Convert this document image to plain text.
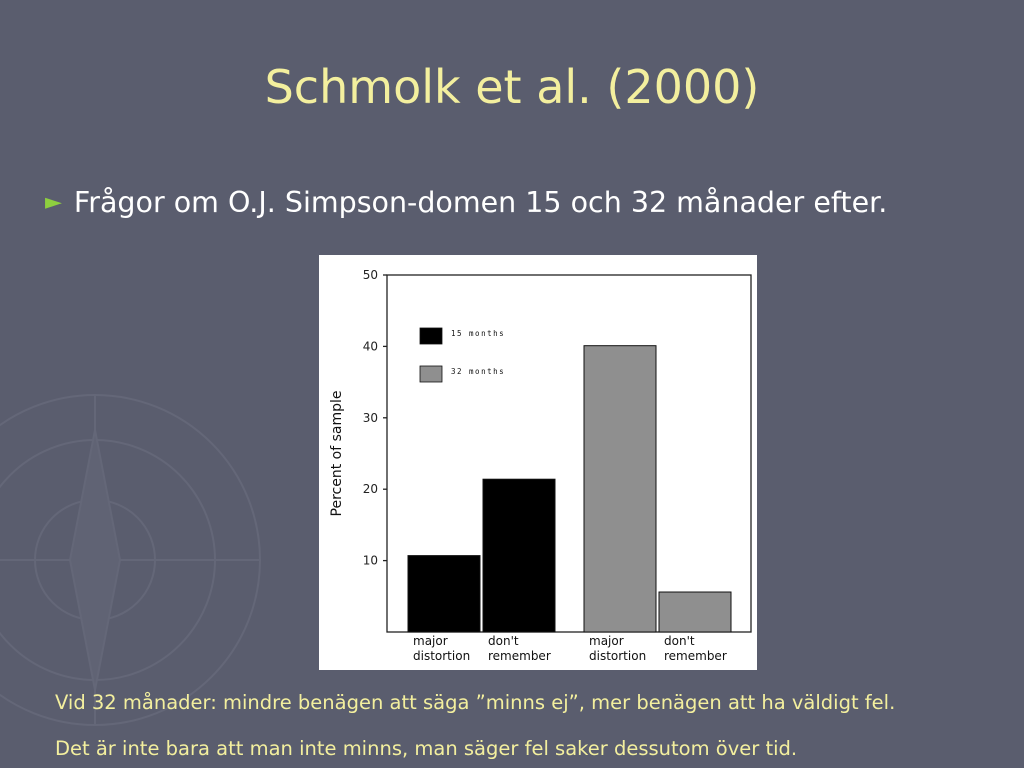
Schmolk et al. (2000)
► Frågor om O.J. Simpson-domen 15 och 32 månader efter.
10
20
30
40
50
Percent of sample
major
distortion
don't
remember
major
distortion
don't
remember
15 months
32 months
Vid 32 månader: mindre benägen att säga ”minns ej”, mer benägen att ha väldigt fel.
Det är inte bara att man inte minns, man säger fel saker dessutom över tid.
